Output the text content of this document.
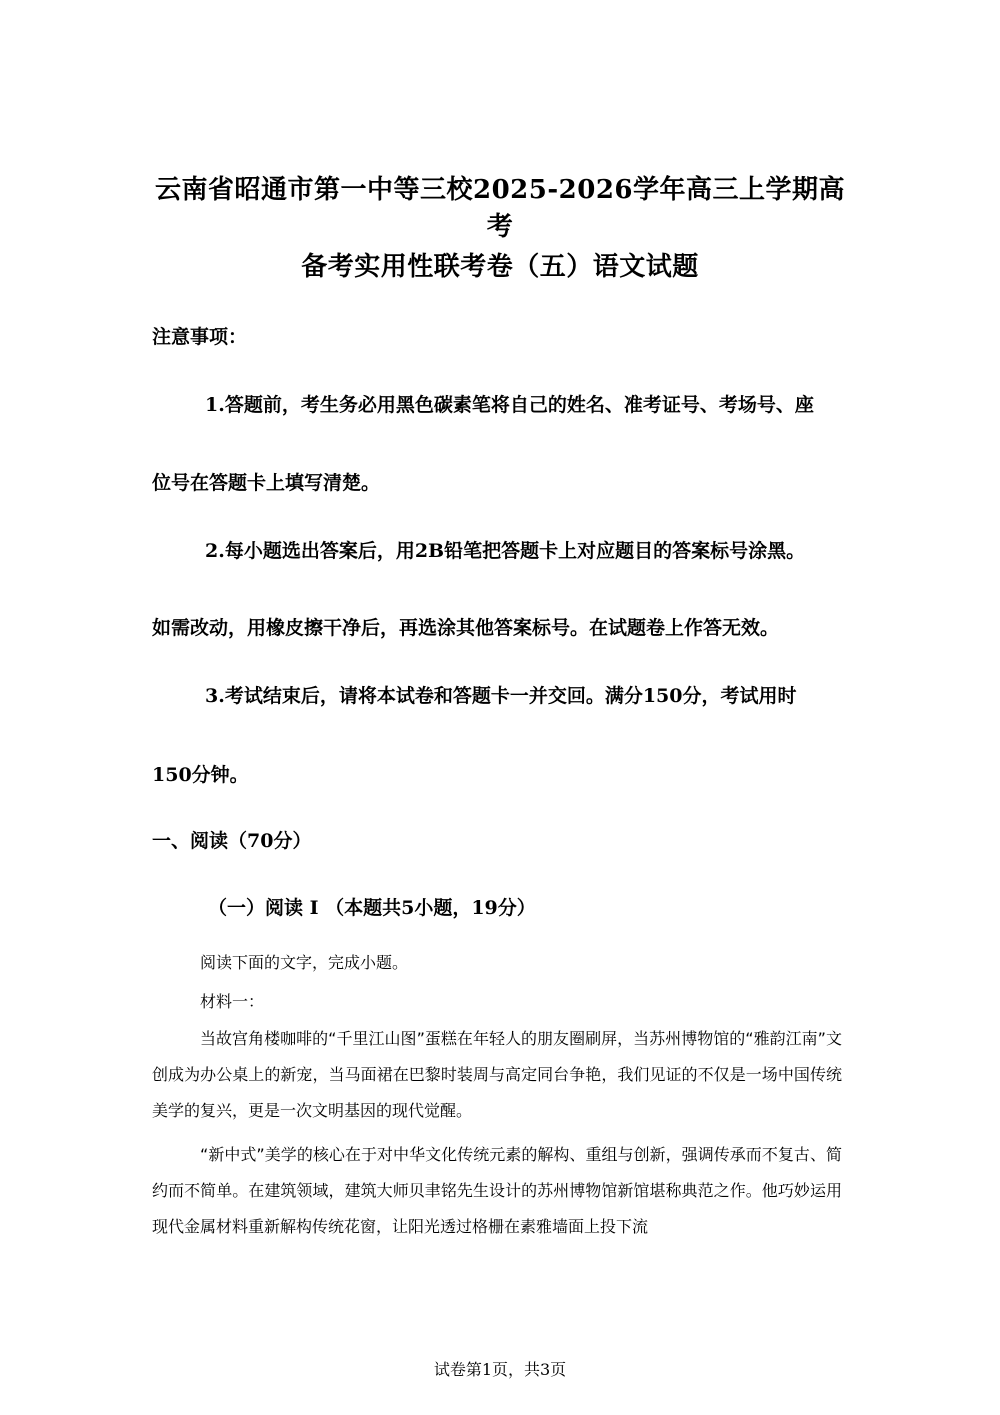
云南省昭通市第一中等三校2025-2026学年高三上学期高考
备考实用性联考卷（五）语文试题
注意事项：
1.答题前，考生务必用黑色碳素笔将自己的姓名、准考证号、考场号、座
位号在答题卡上填写清楚。
2.每小题选出答案后，用2B铅笔把答题卡上对应题目的答案标号涂黑。
如需改动，用橡皮擦干净后，再选涂其他答案标号。在试题卷上作答无效。
3.考试结束后，请将本试卷和答题卡一并交回。满分150分，考试用时
150分钟。
一、阅读（70分）
（一）阅读 I （本题共5小题，19分）
阅读下面的文字，完成小题。
材料一：
当故宫角楼咖啡的“千里江山图”蛋糕在年轻人的朋友圈刷屏，当苏州博物馆的“雅韵江南”文创成为办公桌上的新宠，当马面裙在巴黎时装周与高定同台争艳，我们见证的不仅是一场中国传统美学的复兴，更是一次文明基因的现代觉醒。
“新中式”美学的核心在于对中华文化传统元素的解构、重组与创新，强调传承而不复古、简约而不简单。在建筑领域，建筑大师贝聿铭先生设计的苏州博物馆新馆堪称典范之作。他巧妙运用现代金属材料重新解构传统花窗，让阳光透过格栅在素雅墙面上投下流
试卷第1页，共3页
